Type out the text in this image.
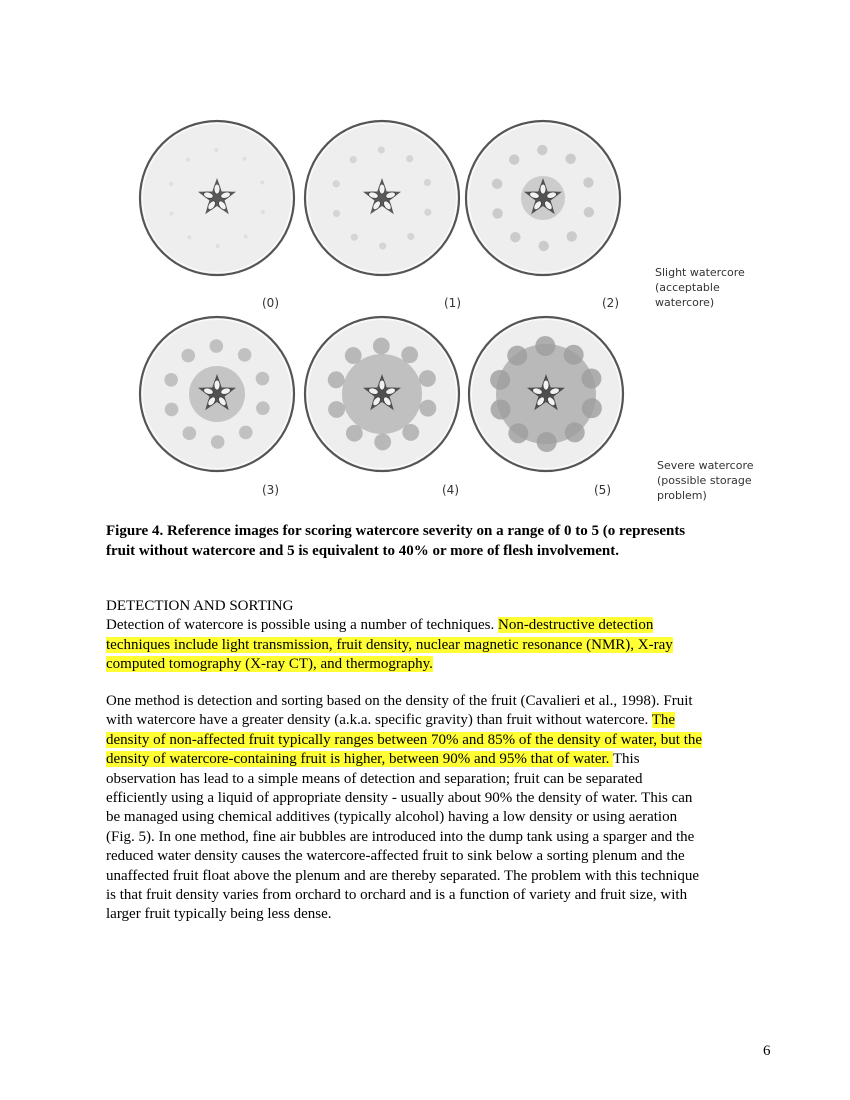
(0)	(1)	(2)
(3)	(4)	(5)
Slight watercore
(acceptable
watercore)
Severe watercore
(possible storage
problem)
Figure 4. Reference images for scoring watercore severity on a range of 0 to 5 (o represents
fruit without watercore and 5 is equivalent to 40% or more of flesh involvement.
DETECTION AND SORTING
Detection of watercore is possible using a number of techniques. Non-destructive detection
techniques include light transmission, fruit density, nuclear magnetic resonance (NMR), X-ray
computed tomography (X-ray CT), and thermography.
One method is detection and sorting based on the density of the fruit (Cavalieri et al., 1998). Fruit
with watercore have a greater density (a.k.a. specific gravity) than fruit without watercore. The
density of non-affected fruit typically ranges between 70% and 85% of the density of water, but the
density of watercore-containing fruit is higher, between 90% and 95% that of water. This
observation has lead to a simple means of detection and separation; fruit can be separated
efficiently using a liquid of appropriate density - usually about 90% the density of water. This can
be managed using chemical additives (typically alcohol) having a low density or using aeration
(Fig. 5). In one method, fine air bubbles are introduced into the dump tank using a sparger and the
reduced water density causes the watercore-affected fruit to sink below a sorting plenum and the
unaffected fruit float above the plenum and are thereby separated. The problem with this technique
is that fruit density varies from orchard to orchard and is a function of variety and fruit size, with
larger fruit typically being less dense.
6
